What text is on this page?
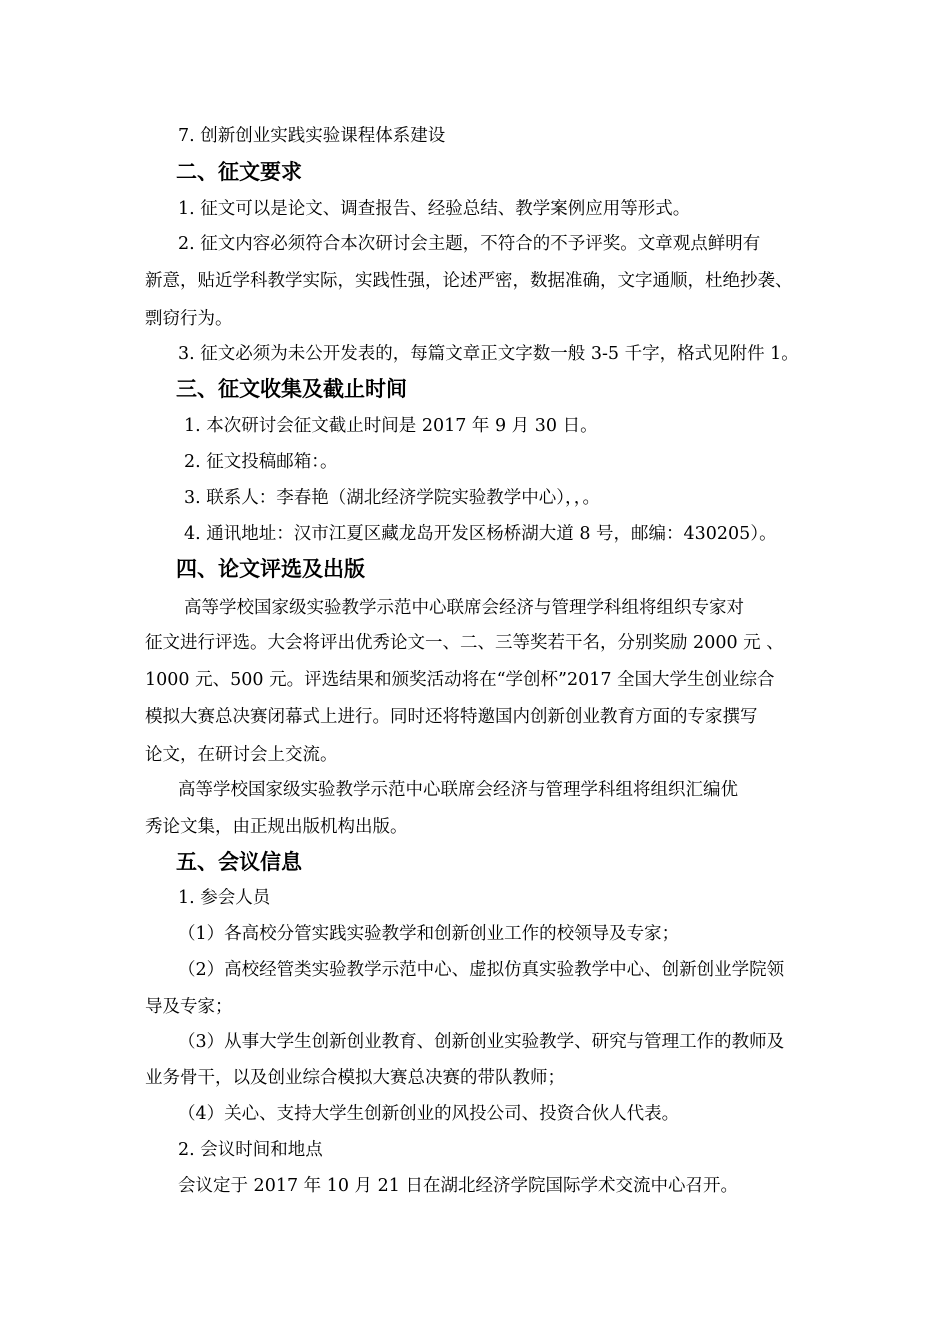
7. 创新创业实践实验课程体系建设
二、征文要求
1. 征文可以是论文、调查报告、经验总结、教学案例应用等形式。
2. 征文内容必须符合本次研讨会主题，不符合的不予评奖。文章观点鲜明有
新意，贴近学科教学实际，实践性强，论述严密，数据准确，文字通顺，杜绝抄袭、
剽窃行为。
3. 征文必须为未公开发表的，每篇文章正文字数一般 3-5 千字，格式见附件 1。
三、征文收集及截止时间
1. 本次研讨会征文截止时间是 2017 年 9 月 30 日。
2. 征文投稿邮箱：。
3. 联系人：李春艳（湖北经济学院实验教学中心），，。
4. 通讯地址：汉市江夏区藏龙岛开发区杨桥湖大道 8 号，邮编：430205）。
四、论文评选及出版
高等学校国家级实验教学示范中心联席会经济与管理学科组将组织专家对
征文进行评选。大会将评出优秀论文一、二、三等奖若干名，分别奖励 2000 元 、
1000 元、500 元。评选结果和颁奖活动将在“学创杯”2017 全国大学生创业综合
模拟大赛总决赛闭幕式上进行。同时还将特邀国内创新创业教育方面的专家撰写
论文，在研讨会上交流。
高等学校国家级实验教学示范中心联席会经济与管理学科组将组织汇编优
秀论文集，由正规出版机构出版。
五、会议信息
1. 参会人员
（1）各高校分管实践实验教学和创新创业工作的校领导及专家；
（2）高校经管类实验教学示范中心、虚拟仿真实验教学中心、创新创业学院领
导及专家；
（3）从事大学生创新创业教育、创新创业实验教学、研究与管理工作的教师及
业务骨干，以及创业综合模拟大赛总决赛的带队教师；
（4）关心、支持大学生创新创业的风投公司、投资合伙人代表。
2. 会议时间和地点
会议定于 2017 年 10 月 21 日在湖北经济学院国际学术交流中心召开。
